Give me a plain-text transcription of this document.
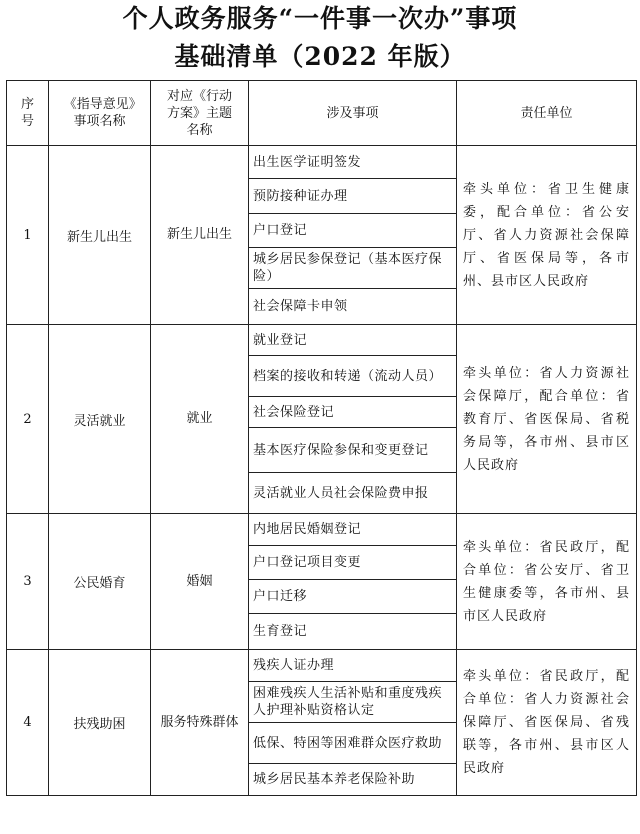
个人政务服务“一件事一次办”事项
基础清单（2022 年版）
序号	《指导意见》事项名称	对应《行动方案》主题名称	涉及事项	责任单位
1	新生儿出生	新生儿出生	出生医学证明签发	牵头单位：省卫生健康委，配合单位：省公安厅、省人力资源社会保障厅、省医保局等，各市州、县市区人民政府
			预防接种证办理	
			户口登记	
			城乡居民参保登记（基本医疗保险）	
			社会保障卡申领	
2	灵活就业	就业	就业登记	牵头单位：省人力资源社会保障厅，配合单位：省教育厅、省医保局、省税务局等，各市州、县市区人民政府
			档案的接收和转递（流动人员）	
			社会保险登记	
			基本医疗保险参保和变更登记	
			灵活就业人员社会保险费申报	
3	公民婚育	婚姻	内地居民婚姻登记	牵头单位：省民政厅，配合单位：省公安厅、省卫生健康委等，各市州、县市区人民政府
			户口登记项目变更	
			户口迁移	
			生育登记	
4	扶残助困	服务特殊群体	残疾人证办理	牵头单位：省民政厅，配合单位：省人力资源社会保障厅、省医保局、省残联等，各市州、县市区人民政府
			困难残疾人生活补贴和重度残疾人护理补贴资格认定	
			低保、特困等困难群众医疗救助	
			城乡居民基本养老保险补助	
